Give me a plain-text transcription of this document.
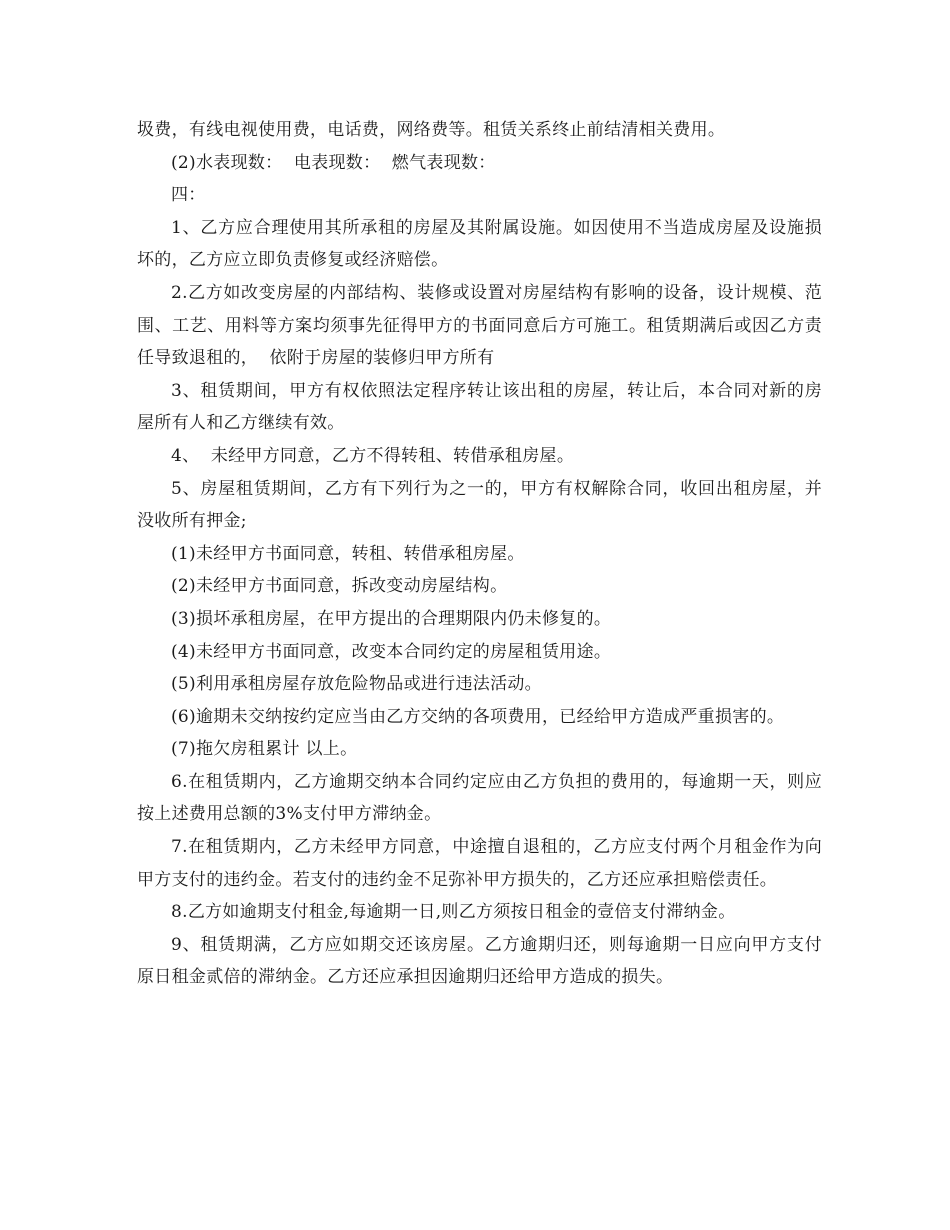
圾费，有线电视使用费，电话费，网络费等。租赁关系终止前结清相关费用。

(2)水表现数：  电表现数：  燃气表现数：

四：

1、乙方应合理使用其所承租的房屋及其附属设施。如因使用不当造成房屋及设施损坏的，乙方应立即负责修复或经济赔偿。

2.乙方如改变房屋的内部结构、装修或设置对房屋结构有影响的设备，设计规模、范围、工艺、用料等方案均须事先征得甲方的书面同意后方可施工。租赁期满后或因乙方责任导致退租的，  依附于房屋的装修归甲方所有

3、租赁期间，甲方有权依照法定程序转让该出租的房屋，转让后，本合同对新的房屋所有人和乙方继续有效。

4、  未经甲方同意，乙方不得转租、转借承租房屋。

5、房屋租赁期间，乙方有下列行为之一的，甲方有权解除合同，收回出租房屋，并没收所有押金;

(1)未经甲方书面同意，转租、转借承租房屋。

(2)未经甲方书面同意，拆改变动房屋结构。

(3)损坏承租房屋，在甲方提出的合理期限内仍未修复的。

(4)未经甲方书面同意，改变本合同约定的房屋租赁用途。

(5)利用承租房屋存放危险物品或进行违法活动。

(6)逾期未交纳按约定应当由乙方交纳的各项费用，已经给甲方造成严重损害的。

(7)拖欠房租累计 以上。

6.在租赁期内，乙方逾期交纳本合同约定应由乙方负担的费用的，每逾期一天，则应按上述费用总额的3%支付甲方滞纳金。

7.在租赁期内，乙方未经甲方同意，中途擅自退租的，乙方应支付两个月租金作为向甲方支付的违约金。若支付的违约金不足弥补甲方损失的，乙方还应承担赔偿责任。

8.乙方如逾期支付租金,每逾期一日,则乙方须按日租金的壹倍支付滞纳金。

9、租赁期满，乙方应如期交还该房屋。乙方逾期归还，则每逾期一日应向甲方支付原日租金贰倍的滞纳金。乙方还应承担因逾期归还给甲方造成的损失。
